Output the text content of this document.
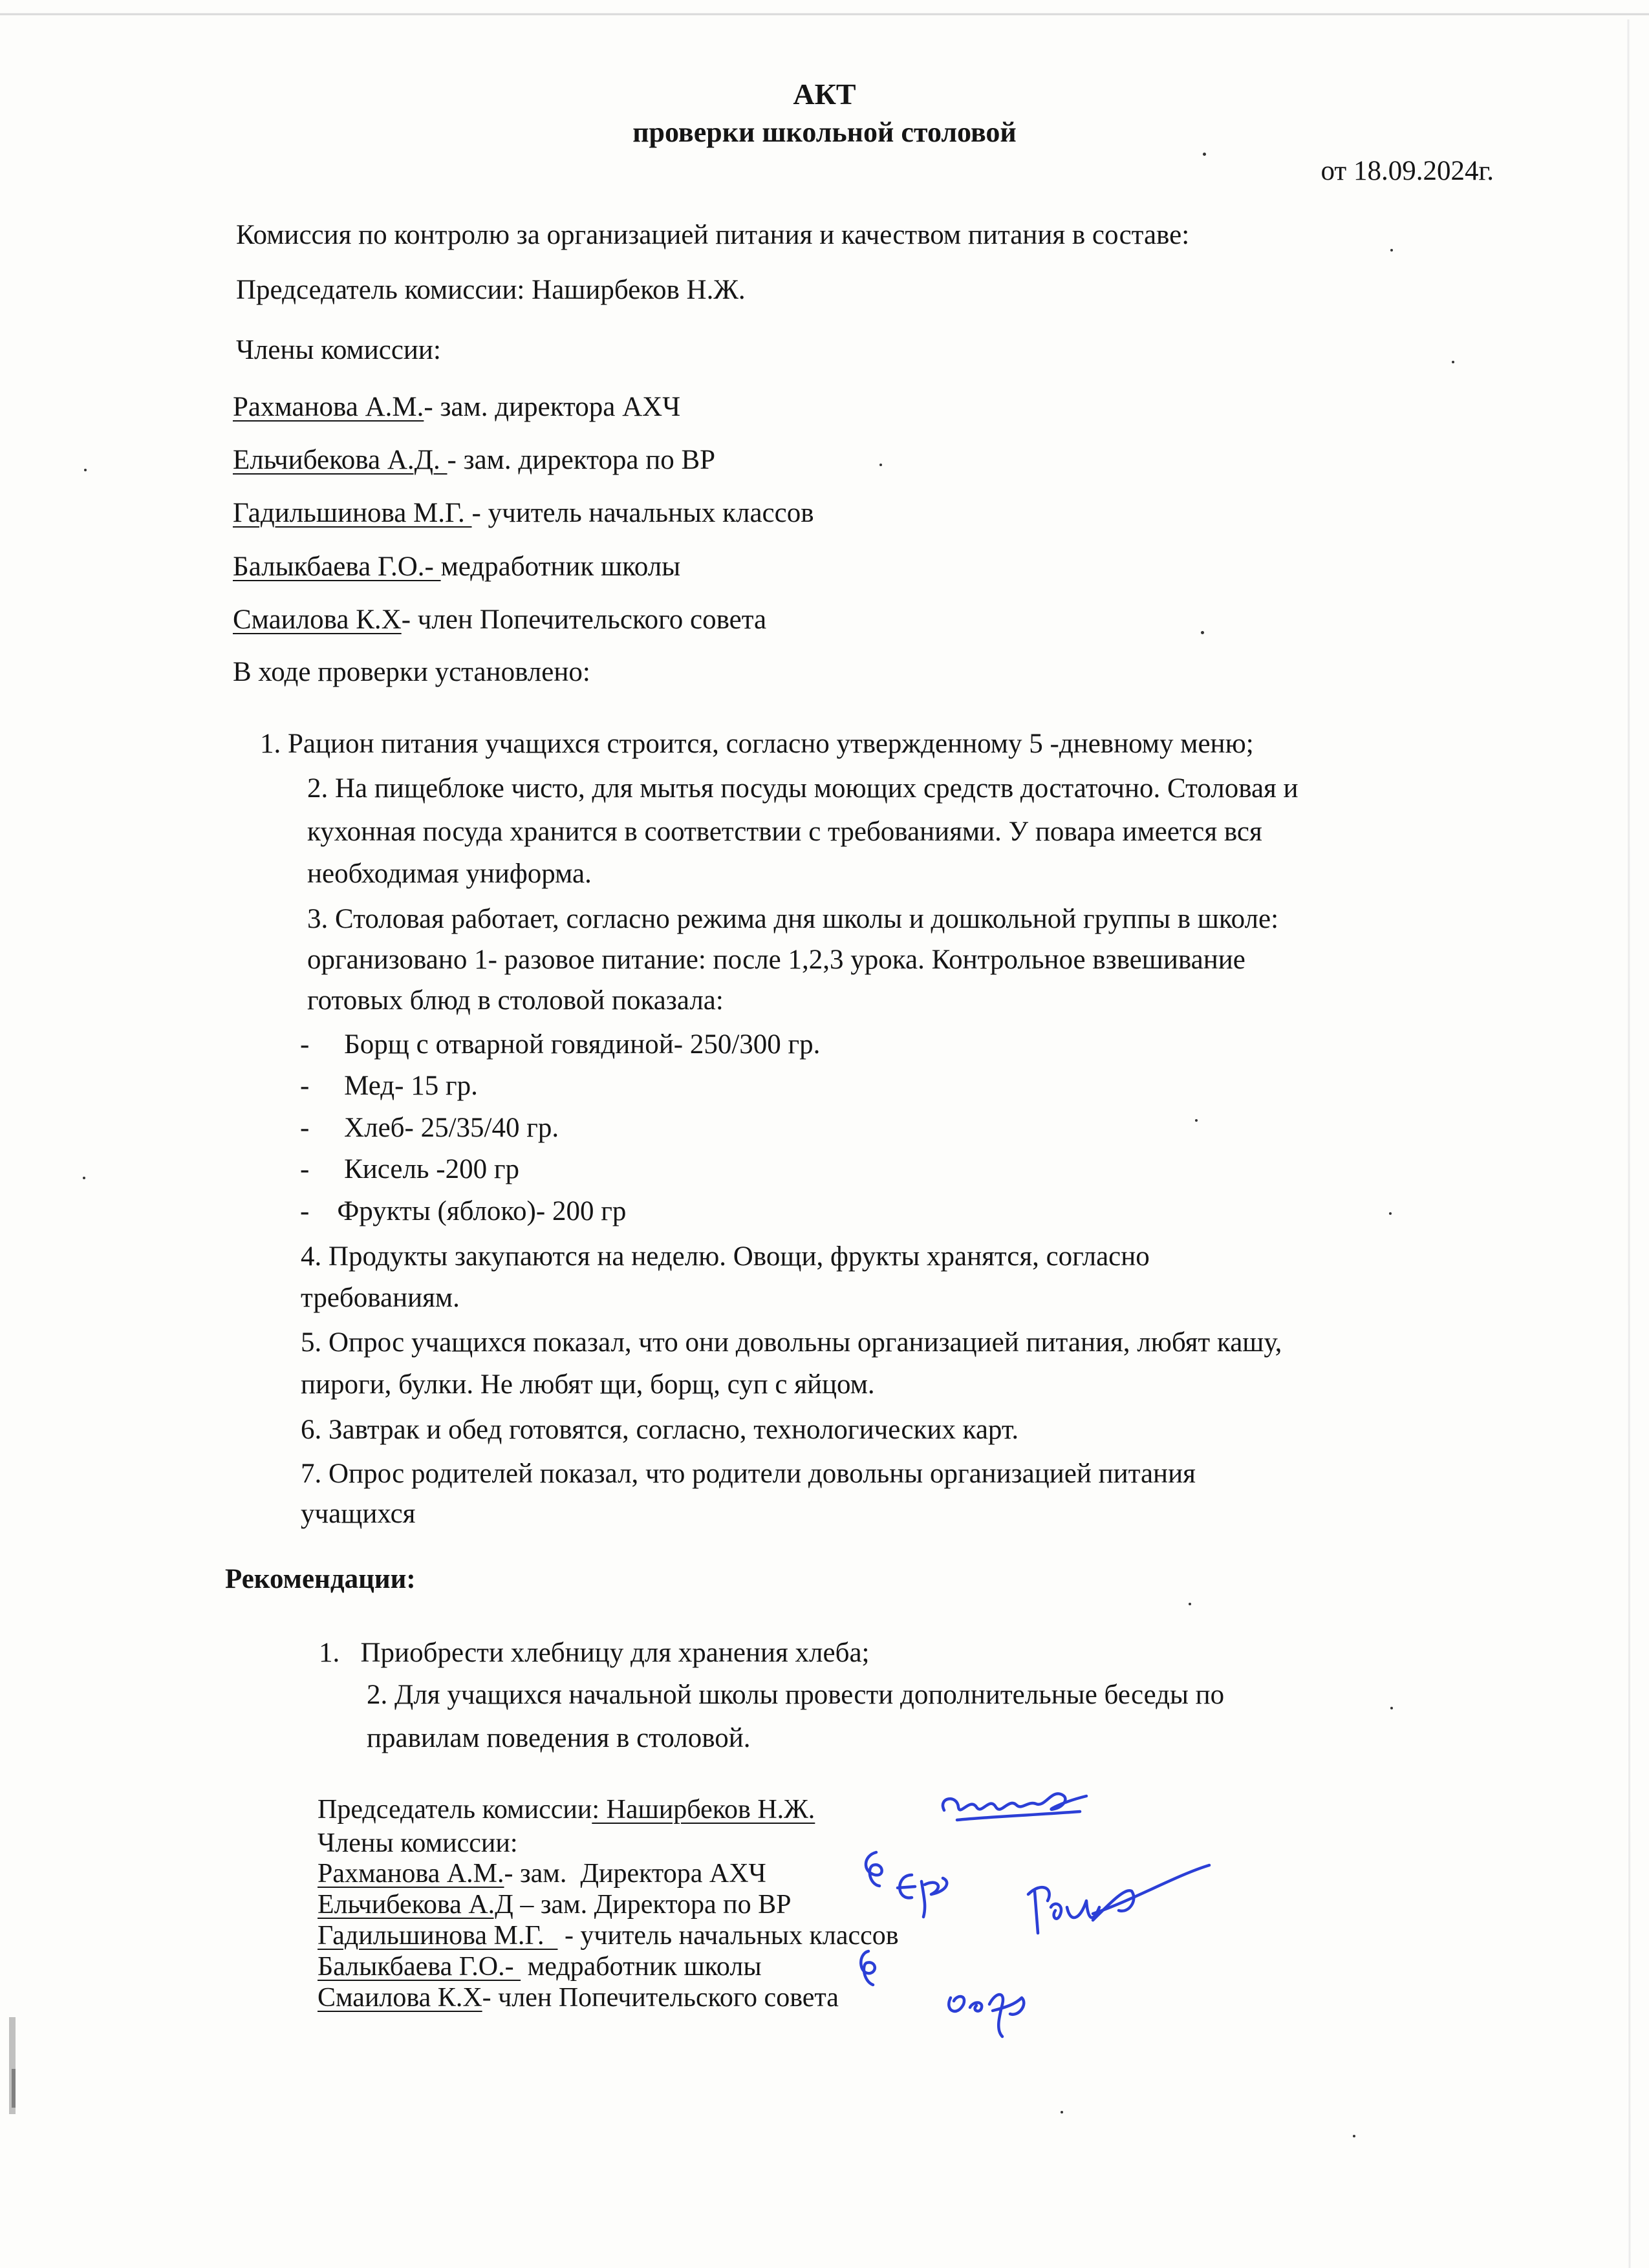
АКТ
проверки школьной столовой
от 18.09.2024г.
Комиссия по контролю за организацией питания и качеством питания в составе:
Председатель комиссии: Наширбеков Н.Ж.
Члены комиссии:
Рахманова А.М.- зам. директора АХЧ
Ельчибекова А.Д. - зам. директора по ВР
Гадильшинова М.Г. - учитель начальных классов
Балыкбаева Г.О.- медработник школы
Смаилова К.Х- член Попечительского совета
В ходе проверки установлено:
1. Рацион питания учащихся строится, согласно утвержденному 5 -дневному меню;
2. На пищеблоке чисто, для мытья посуды моющих средств достаточно. Столовая и
кухонная посуда хранится в соответствии с требованиями. У повара имеется вся
необходимая униформа.
3. Столовая работает, согласно режима дня школы и дошкольной группы в школе:
организовано 1- разовое питание: после 1,2,3 урока. Контрольное взвешивание
готовых блюд в столовой показала:
-     Борщ с отварной говядиной- 250/300 гр.
-     Мед- 15 гр.
-     Хлеб- 25/35/40 гр.
-     Кисель -200 гр
-    Фрукты (яблоко)- 200 гр
4. Продукты закупаются на неделю. Овощи, фрукты хранятся, согласно
требованиям.
5. Опрос учащихся показал, что они довольны организацией питания, любят кашу,
пироги, булки. Не любят щи, борщ, суп с яйцом.
6. Завтрак и обед готовятся, согласно, технологических карт.
7. Опрос родителей показал, что родители довольны организацией питания
учащихся
Рекомендации:
1.   Приобрести хлебницу для хранения хлеба;
2. Для учащихся начальной школы провести дополнительные беседы по
правилам поведения в столовой.
Председатель комиссии: Наширбеков Н.Ж.
Члены комиссии:
Рахманова А.М.- зам.  Директора АХЧ
Ельчибекова А.Д – зам. Директора по ВР
Гадильшинова М.Г.   - учитель начальных классов
Балыкбаева Г.О.-  медработник школы
Смаилова К.Х- член Попечительского совета
